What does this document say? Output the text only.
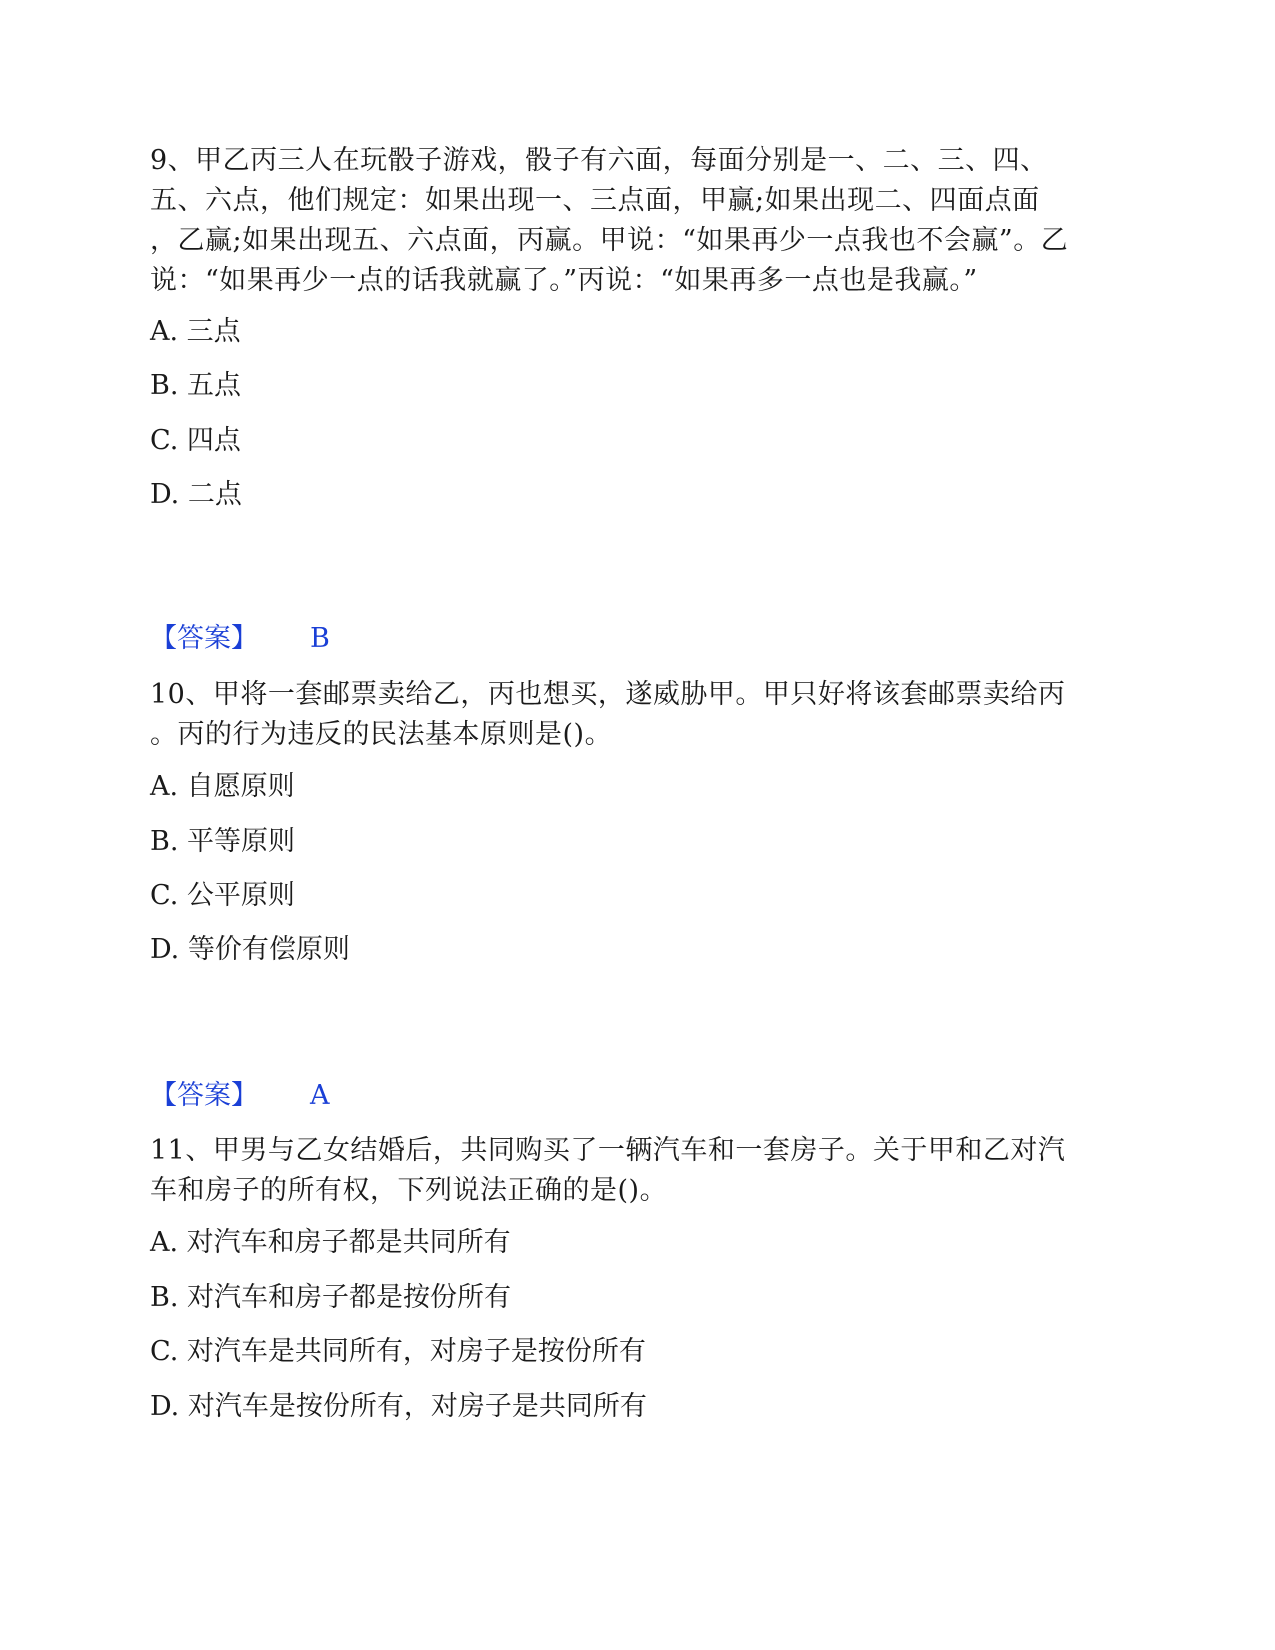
9、甲乙丙三人在玩骰子游戏，骰子有六面，每面分别是一、二、三、四、
五、六点，他们规定：如果出现一、三点面，甲赢;如果出现二、四面点面
，乙赢;如果出现五、六点面，丙赢。甲说：“如果再少一点我也不会赢”。乙
说：“如果再少一点的话我就赢了。”丙说：“如果再多一点也是我赢。”
A. 三点
B. 五点
C. 四点
D. 二点
【答案】 B
10、甲将一套邮票卖给乙，丙也想买，遂威胁甲。甲只好将该套邮票卖给丙
。丙的行为违反的民法基本原则是()。
A. 自愿原则
B. 平等原则
C. 公平原则
D. 等价有偿原则
【答案】 A
11、甲男与乙女结婚后，共同购买了一辆汽车和一套房子。关于甲和乙对汽
车和房子的所有权，下列说法正确的是()。
A. 对汽车和房子都是共同所有
B. 对汽车和房子都是按份所有
C. 对汽车是共同所有，对房子是按份所有
D. 对汽车是按份所有，对房子是共同所有
